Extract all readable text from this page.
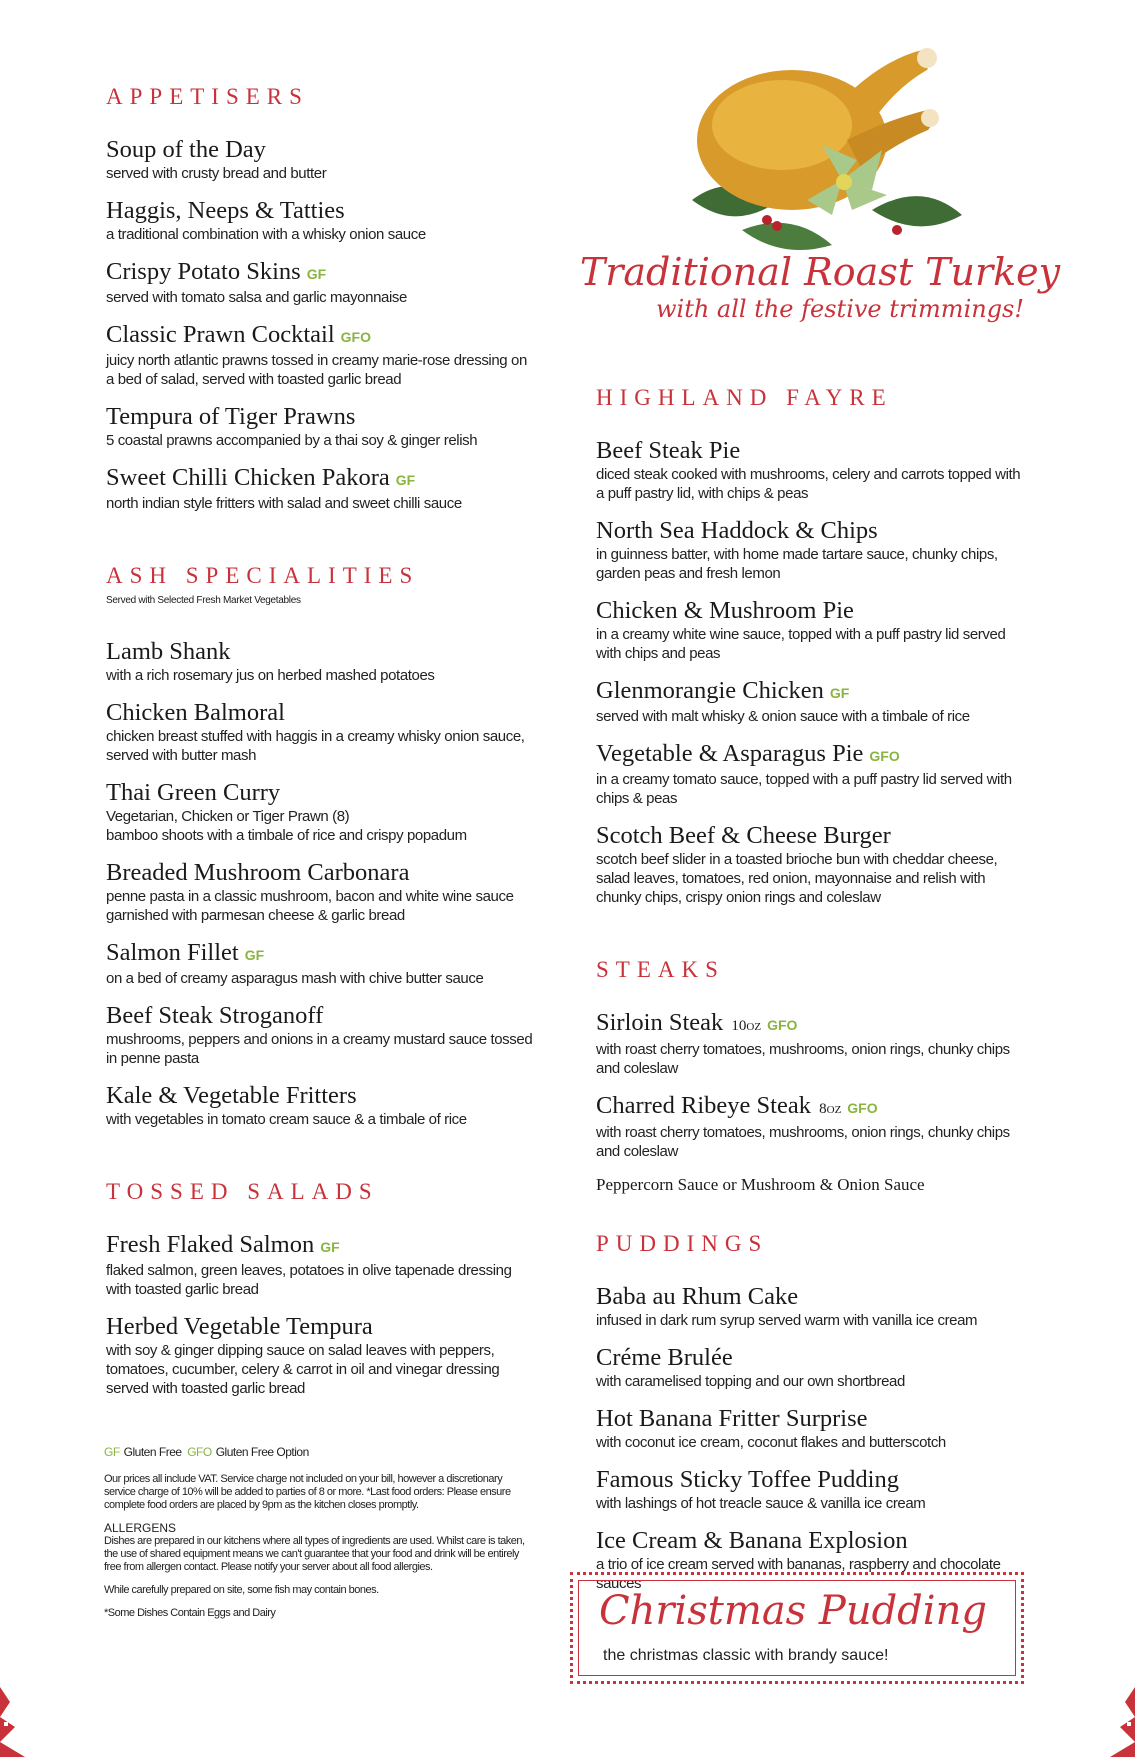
APPETISERS
Soup of the Day
served with crusty bread and butter
Haggis, Neeps & Tatties
a traditional combination with a whisky onion sauce
Crispy Potato Skins GF
served with tomato salsa and garlic mayonnaise
Classic Prawn Cocktail GFO
juicy north atlantic prawns tossed in creamy marie-rose dressing on a bed of salad, served with toasted garlic bread
Tempura of Tiger Prawns
5 coastal prawns accompanied by a thai soy & ginger relish
Sweet Chilli Chicken Pakora GF
north indian style fritters with salad and sweet chilli sauce
ASH SPECIALITIES
Served with Selected Fresh Market Vegetables
Lamb Shank
with a rich rosemary jus on herbed mashed potatoes
Chicken Balmoral
chicken breast stuffed with haggis in a creamy whisky onion sauce, served with butter mash
Thai Green Curry
Vegetarian, Chicken or Tiger Prawn (8)
bamboo shoots with a timbale of rice and crispy popadum
Breaded Mushroom Carbonara
penne pasta in a classic mushroom, bacon and white wine sauce garnished with parmesan cheese & garlic bread
Salmon Fillet GF
on a bed of creamy asparagus mash with chive butter sauce
Beef Steak Stroganoff
mushrooms, peppers and onions in a creamy mustard sauce tossed in penne pasta
Kale & Vegetable Fritters
with vegetables in tomato cream sauce & a timbale of rice
TOSSED SALADS
Fresh Flaked Salmon GF
flaked salmon, green leaves, potatoes in olive tapenade dressing with toasted garlic bread
Herbed Vegetable Tempura
with soy & ginger dipping sauce on salad leaves with peppers, tomatoes, cucumber, celery & carrot in oil and vinegar dressing served with toasted garlic bread
GF Gluten Free GFO Gluten Free Option

Our prices all include VAT. Service charge not included on your bill, however a discretionary service charge of 10% will be added to parties of 8 or more. *Last food orders: Please ensure complete food orders are placed by 9pm as the kitchen closes promptly.

ALLERGENS

Dishes are prepared in our kitchens where all types of ingredients are used. Whilst care is taken, the use of shared equipment means we can't guarantee that your food and drink will be entirely free from allergen contact. Please notify your server about all food allergies.

While carefully prepared on site, some fish may contain bones.

*Some Dishes Contain Eggs and Dairy

Traditional Roast Turkey
with all the festive trimmings!
HIGHLAND FAYRE
Beef Steak Pie
diced steak cooked with mushrooms, celery and carrots topped with a puff pastry lid, with chips & peas
North Sea Haddock & Chips
in guinness batter, with home made tartare sauce, chunky chips, garden peas and fresh lemon
Chicken & Mushroom Pie
in a creamy white wine sauce, topped with a puff pastry lid served with chips and peas
Glenmorangie Chicken GF
served with malt whisky & onion sauce with a timbale of rice
Vegetable & Asparagus Pie GFO
in a creamy tomato sauce, topped with a puff pastry lid served with chips & peas
Scotch Beef & Cheese Burger
scotch beef slider in a toasted brioche bun with cheddar cheese, salad leaves, tomatoes, red onion, mayonnaise and relish with chunky chips, crispy onion rings and coleslaw
STEAKS
Sirloin Steak 10oz GFO
with roast cherry tomatoes, mushrooms, onion rings, chunky chips and coleslaw
Charred Ribeye Steak 8oz GFO
with roast cherry tomatoes, mushrooms, onion rings, chunky chips and coleslaw
Peppercorn Sauce or Mushroom & Onion Sauce
PUDDINGS
Baba au Rhum Cake
infused in dark rum syrup served warm with vanilla ice cream
Créme Brulée
with caramelised topping and our own shortbread
Hot Banana Fritter Surprise
with coconut ice cream, coconut flakes and butterscotch
Famous Sticky Toffee Pudding
with lashings of hot treacle sauce & vanilla ice cream
Ice Cream & Banana Explosion
a trio of ice cream served with bananas, raspberry and chocolate sauces
Christmas Pudding
the christmas classic with brandy sauce!
